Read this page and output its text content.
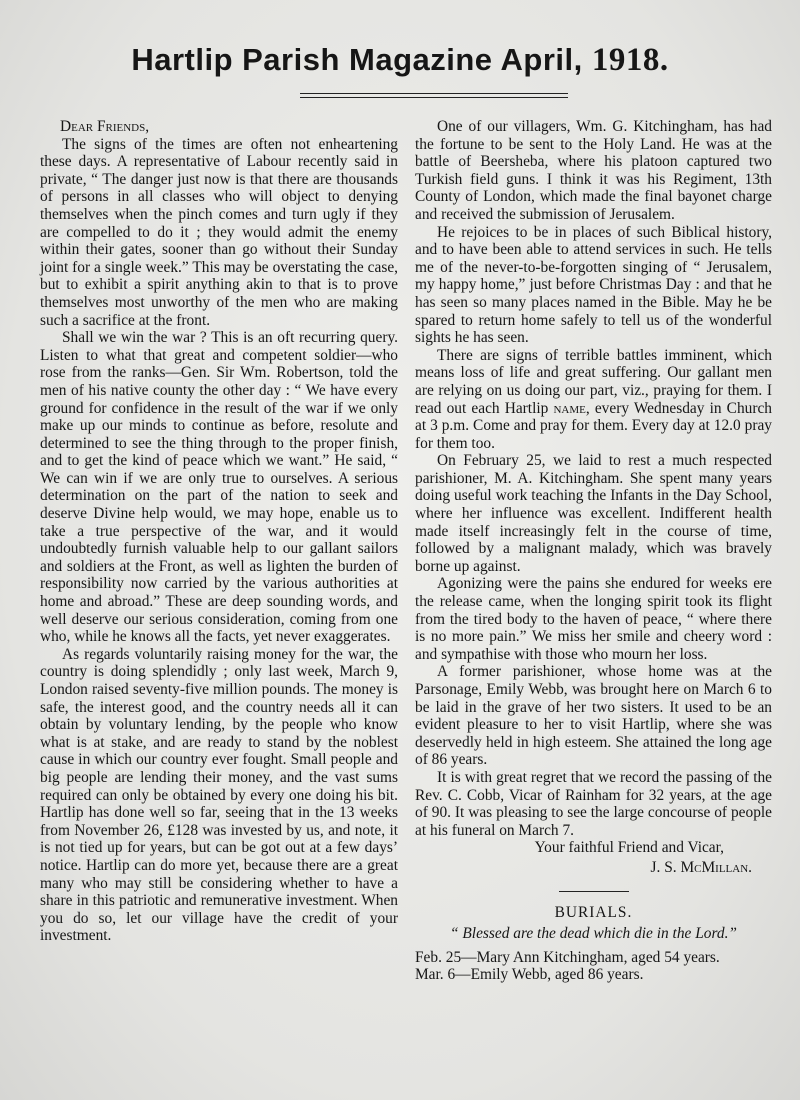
Hartlip Parish Magazine April, 1918.

Dear Friends,

The signs of the times are often not enheartening these days. A representative of Labour recently said in private, “ The danger just now is that there are thousands of persons in all classes who will object to denying themselves when the pinch comes and turn ugly if they are compelled to do it ; they would admit the enemy within their gates, sooner than go without their Sunday joint for a single week.” This may be overstating the case, but to exhibit a spirit anything akin to that is to prove themselves most unworthy of the men who are making such a sacrifice at the front.

Shall we win the war ? This is an oft recurring query. Listen to what that great and competent soldier—who rose from the ranks—Gen. Sir Wm. Robertson, told the men of his native county the other day : “ We have every ground for confidence in the result of the war if we only make up our minds to continue as before, resolute and determined to see the thing through to the proper finish, and to get the kind of peace which we want.” He said, “ We can win if we are only true to ourselves. A serious determination on the part of the nation to seek and deserve Divine help would, we may hope, enable us to take a true perspective of the war, and it would undoubtedly furnish valuable help to our gallant sailors and soldiers at the Front, as well as lighten the burden of responsibility now carried by the various authorities at home and abroad.” These are deep sounding words, and well deserve our serious consideration, coming from one who, while he knows all the facts, yet never exaggerates.

As regards voluntarily raising money for the war, the country is doing splendidly ; only last week, March 9, London raised seventy-five million pounds. The money is safe, the interest good, and the country needs all it can obtain by voluntary lending, by the people who know what is at stake, and are ready to stand by the noblest cause in which our country ever fought. Small people and big people are lending their money, and the vast sums required can only be obtained by every one doing his bit. Hartlip has done well so far, seeing that in the 13 weeks from November 26, £128 was invested by us, and note, it is not tied up for years, but can be got out at a few days’ notice. Hartlip can do more yet, because there are a great many who may still be considering whether to have a share in this patriotic and remunerative investment. When you do so, let our village have the credit of your investment.

One of our villagers, Wm. G. Kitchingham, has had the fortune to be sent to the Holy Land. He was at the battle of Beersheba, where his platoon captured two Turkish field guns. I think it was his Regiment, 13th County of London, which made the final bayonet charge and received the submission of Jerusalem.

He rejoices to be in places of such Biblical history, and to have been able to attend services in such. He tells me of the never-to-be-forgotten singing of “ Jerusalem, my happy home,” just before Christmas Day : and that he has seen so many places named in the Bible. May he be spared to return home safely to tell us of the wonderful sights he has seen.

There are signs of terrible battles imminent, which means loss of life and great suffering. Our gallant men are relying on us doing our part, viz., praying for them. I read out each Hartlip name, every Wednesday in Church at 3 p.m. Come and pray for them. Every day at 12.0 pray for them too.

On February 25, we laid to rest a much respected parishioner, M. A. Kitchingham. She spent many years doing useful work teaching the Infants in the Day School, where her influence was excellent. Indifferent health made itself increasingly felt in the course of time, followed by a malignant malady, which was bravely borne up against.

Agonizing were the pains she endured for weeks ere the release came, when the longing spirit took its flight from the tired body to the haven of peace, “ where there is no more pain.” We miss her smile and cheery word : and sympathise with those who mourn her loss.

A former parishioner, whose home was at the Parsonage, Emily Webb, was brought here on March 6 to be laid in the grave of her two sisters. It used to be an evident pleasure to her to visit Hartlip, where she was deservedly held in high esteem. She attained the long age of 86 years.

It is with great regret that we record the passing of the Rev. C. Cobb, Vicar of Rainham for 32 years, at the age of 90. It was pleasing to see the large concourse of people at his funeral on March 7.

Your faithful Friend and Vicar,

J. S. McMillan.

BURIALS.

“ Blessed are the dead which die in the Lord.”

Feb. 25—Mary Ann Kitchingham, aged 54 years.

Mar. 6—Emily Webb, aged 86 years.
